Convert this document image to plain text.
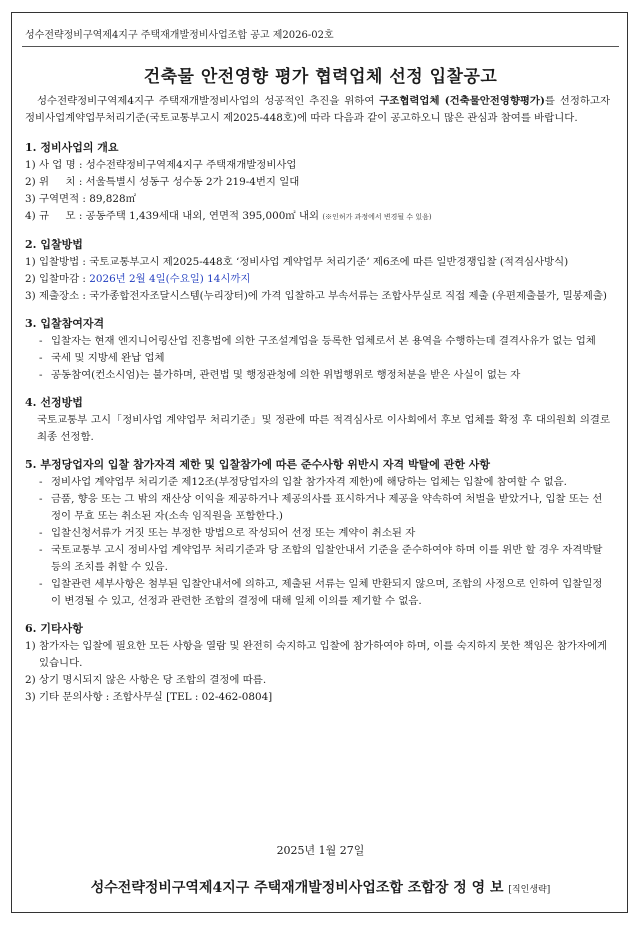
성수전략정비구역제4지구 주택재개발정비사업조합 공고 제2026-02호
건축물 안전영향 평가 협력업체 선정 입찰공고

성수전략정비구역제4지구 주택재개발정비사업의 성공적인 추진을 위하여 구조협력업체 (건축물안전영향평가)를 선정하고자 정비사업계약업무처리기준(국토교통부고시 제2025-448호)에 따라 다음과 같이 공고하오니 많은 관심과 참여를 바랍니다.

1. 정비사업의 개요

1) 사 업 명 : 성수전략정비구역제4지구 주택재개발정비사업
2) 위     치 : 서울특별시 성동구 성수동 2가 219-4번지 일대
3) 구역면적 : 89,828㎡
4) 규     모 : 공동주택 1,439세대 내외, 연면적 395,000㎡ 내외 (※인허가 과정에서 변경될 수 있음)

2. 입찰방법

1) 입찰방법 : 국토교통부고시 제2025-448호 ‘정비사업 계약업무 처리기준’ 제6조에 따른 일반경쟁입찰 (적격심사방식)
2) 입찰마감 : 2026년 2월 4일(수요일) 14시까지
3) 제출장소 : 국가종합전자조달시스템(누리장터)에 가격 입찰하고 부속서류는 조합사무실로 직접 제출 (우편제출불가, 밀봉제출)

3. 입찰참여자격

- 입찰자는 현재 엔지니어링산업 진흥법에 의한 구조설계업을 등록한 업체로서 본 용역을 수행하는데 결격사유가 없는 업체
- 국세 및 지방세 완납 업체
- 공동참여(컨소시엄)는 불가하며, 관련법 및 행정관청에 의한 위법행위로 행정처분을 받은 사실이 없는 자

4. 선정방법

국토교통부 고시「정비사업 계약업무 처리기준」및 정관에 따른 적격심사로 이사회에서 후보 업체를 확정 후 대의원회 의결로 최종 선정함.

5. 부정당업자의 입찰 참가자격 제한 및 입찰참가에 따른 준수사항 위반시 자격 박탈에 관한 사항

- 정비사업 계약업무 처리기준 제12조(부정당업자의 입찰 참가자격 제한)에 해당하는 업체는 입찰에 참여할 수 없음.
- 금품, 향응 또는 그 밖의 재산상 이익을 제공하거나 제공의사를 표시하거나 제공을 약속하여 처벌을 받았거나, 입찰 또는 선정이 무효 또는 취소된 자(소속 임직원을 포함한다.)
- 입찰신청서류가 거짓 또는 부정한 방법으로 작성되어 선정 또는 계약이 취소된 자
- 국토교통부 고시 정비사업 계약업무 처리기준과 당 조합의 입찰안내서 기준을 준수하여야 하며 이를 위반 할 경우 자격박탈 등의 조치를 취할 수 있음.
- 입찰관련 세부사항은 첨부된 입찰안내서에 의하고, 제출된 서류는 일체 반환되지 않으며, 조합의 사정으로 인하여 입찰일정이 변경될 수 있고, 선정과 관련한 조합의 결정에 대해 일체 이의를 제기할 수 없음.

6. 기타사항

1) 참가자는 입찰에 필요한 모든 사항을 열람 및 완전히 숙지하고 입찰에 참가하여야 하며, 이를 숙지하지 못한 책임은 참가자에게 있습니다.
2) 상기 명시되지 않은 사항은 당 조합의 결정에 따름.
3) 기타 문의사항 : 조합사무실 [TEL : 02-462-0804]
2025년 1월 27일
성수전략정비구역제4지구 주택재개발정비사업조합 조합장 정 영 보 [직인생략]
